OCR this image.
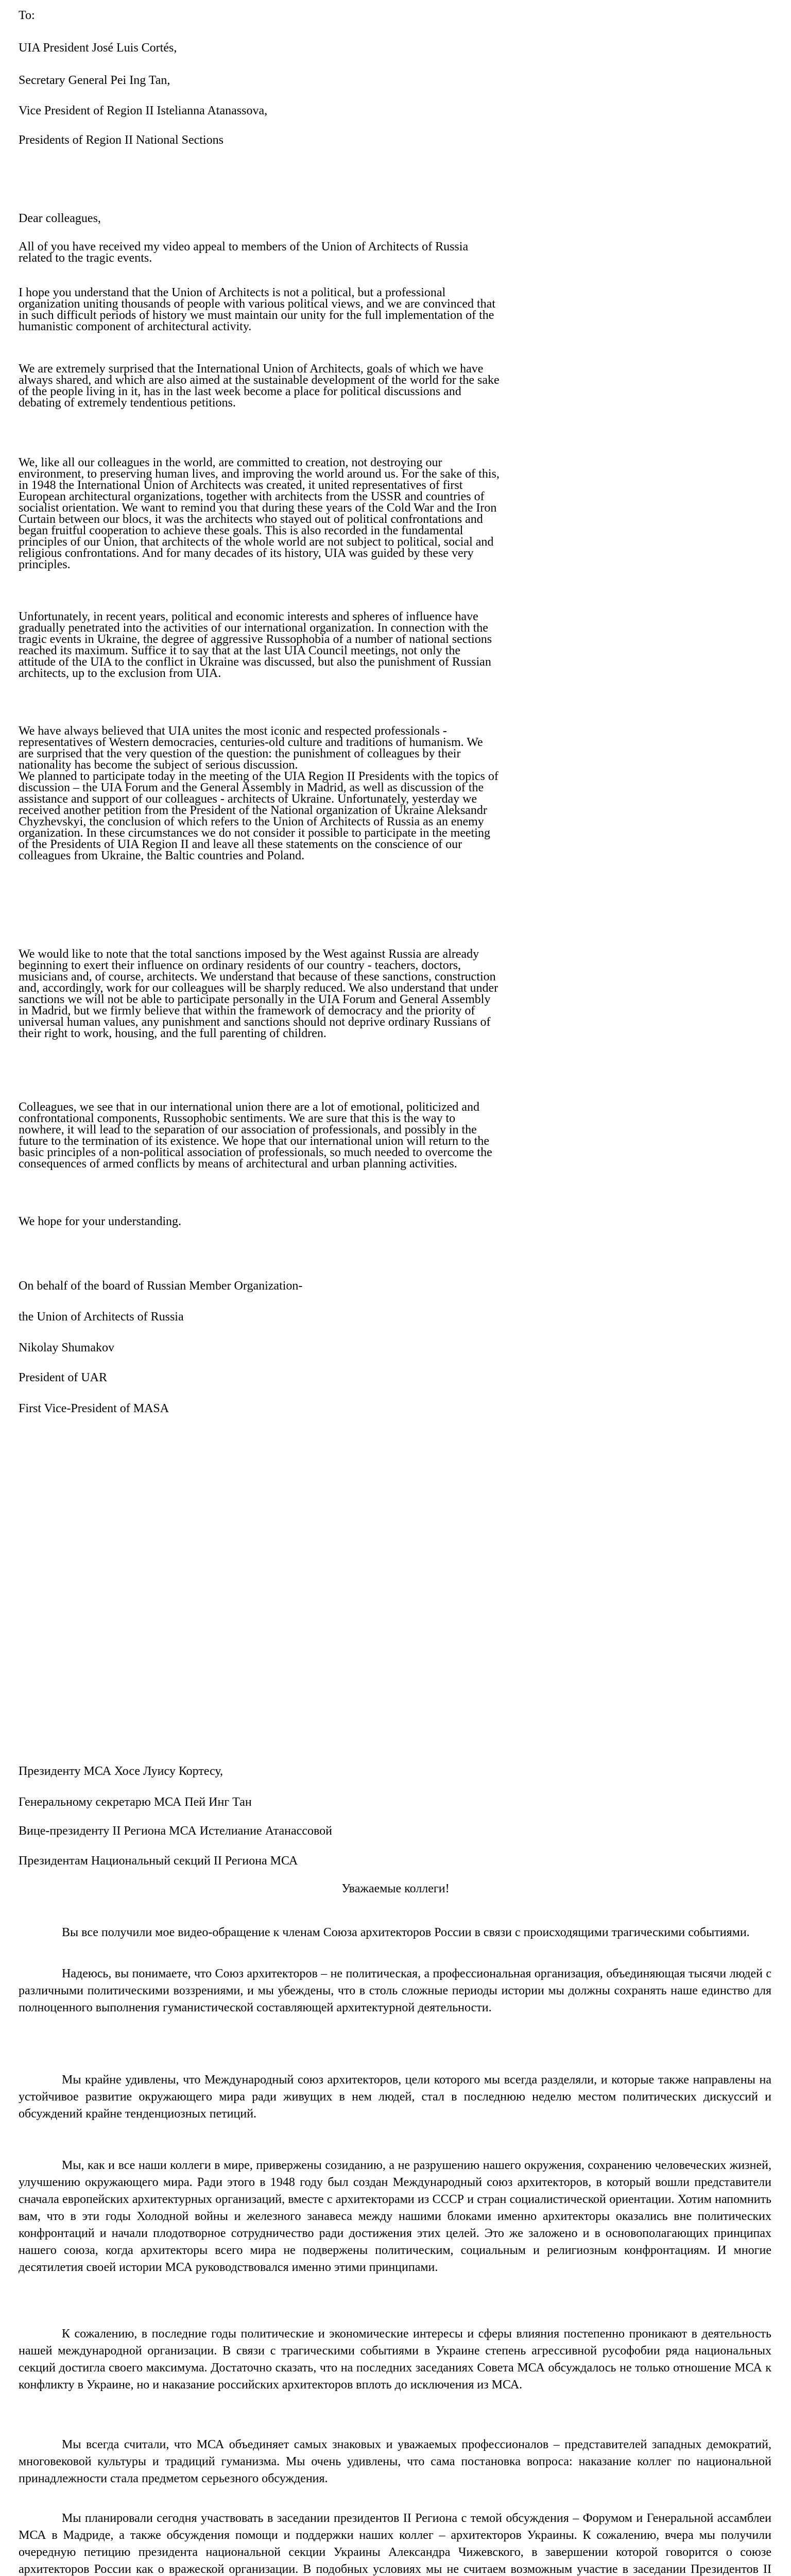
To:

UIA President José Luis Cortés,

Secretary General Pei Ing Tan,

Vice President of Region II Istelianna Atanassova,

Presidents of Region II National Sections

Dear colleagues,

All of you have received my video appeal to members of the Union of Architects of Russia

related to the tragic events.

I hope you understand that the Union of Architects is not a political, but a professional

organization uniting thousands of people with various political views, and we are convinced that

in such difficult periods of history we must maintain our unity for the full implementation of the

humanistic component of architectural activity.

We are extremely surprised that the International Union of Architects, goals of which we have

always shared, and which are also aimed at the sustainable development of the world for the sake

of the people living in it, has in the last week become a place for political discussions and

debating of extremely tendentious petitions.

We, like all our colleagues in the world, are committed to creation, not destroying our

environment, to preserving human lives, and improving the world around us. For the sake of this,

in 1948 the International Union of Architects was created, it united representatives of first

European architectural organizations, together with architects from the USSR and countries of

socialist orientation. We want to remind you that during these years of the Cold War and the Iron

Curtain between our blocs, it was the architects who stayed out of political confrontations and

began fruitful cooperation to achieve these goals. This is also recorded in the fundamental

principles of our Union, that architects of the whole world are not subject to political, social and

religious confrontations. And for many decades of its history, UIA was guided by these very

principles.

Unfortunately, in recent years, political and economic interests and spheres of influence have

gradually penetrated into the activities of our international organization. In connection with the

tragic events in Ukraine, the degree of aggressive Russophobia of a number of national sections

reached its maximum. Suffice it to say that at the last UIA Council meetings, not only the

attitude of the UIA to the conflict in Ukraine was discussed, but also the punishment of Russian

architects, up to the exclusion from UIA.

We have always believed that UIA unites the most iconic and respected professionals -

representatives of Western democracies, centuries-old culture and traditions of humanism. We

are surprised that the very question of the question: the punishment of colleagues by their

nationality has become the subject of serious discussion.

We planned to participate today in the meeting of the UIA Region II Presidents with the topics of

discussion – the UIA Forum and the General Assembly in Madrid, as well as discussion of the

assistance and support of our colleagues - architects of Ukraine. Unfortunately, yesterday we

received another petition from the President of the National organization of Ukraine Aleksandr

Chyzhevskyi, the conclusion of which refers to the Union of Architects of Russia as an enemy

organization. In these circumstances we do not consider it possible to participate in the meeting

of the Presidents of UIA Region II and leave all these statements on the conscience of our

colleagues from Ukraine, the Baltic countries and Poland.

We would like to note that the total sanctions imposed by the West against Russia are already

beginning to exert their influence on ordinary residents of our country - teachers, doctors,

musicians and, of course, architects. We understand that because of these sanctions, construction

and, accordingly, work for our colleagues will be sharply reduced. We also understand that under

sanctions we will not be able to participate personally in the UIA Forum and General Assembly

in Madrid, but we firmly believe that within the framework of democracy and the priority of

universal human values, any punishment and sanctions should not deprive ordinary Russians of

their right to work, housing, and the full parenting of children.

Colleagues, we see that in our international union there are a lot of emotional, politicized and

confrontational components, Russophobic sentiments. We are sure that this is the way to

nowhere, it will lead to the separation of our association of professionals, and possibly in the

future to the termination of its existence. We hope that our international union will return to the

basic principles of a non-political association of professionals, so much needed to overcome the

consequences of armed conflicts by means of architectural and urban planning activities.

We hope for your understanding.

On behalf of the board of Russian Member Organization-

the Union of Architects of Russia

Nikolay Shumakov

President of UAR

First Vice-President of MASA

Президенту МСА Хосе Луису Кортесу,

Генеральному секретарю МСА Пей Инг Тан

Вице-президенту II Региона МСА Истелиание Атанассовой

Президентам Национальный секций II Региона МСА

Уважаемые коллеги!

Вы все получили мое видео-обращение к членам Союза архитекторов России в связи с происходящими трагическими событиями.

Надеюсь, вы понимаете, что Союз архитекторов – не политическая, а профессиональная организация, объединяющая тысячи людей с различными политическими воззрениями, и мы убеждены, что в столь сложные периоды истории мы должны сохранять наше единство для полноценного выполнения гуманистической составляющей архитектурной деятельности.

Мы крайне удивлены, что Международный союз архитекторов, цели которого мы всегда разделяли, и которые также направлены на устойчивое развитие окружающего мира ради живущих в нем людей, стал в последнюю неделю местом политических дискуссий и обсуждений крайне тенденциозных петиций.

Мы, как и все наши коллеги в мире, привержены созиданию, а не разрушению нашего окружения, сохранению человеческих жизней, улучшению окружающего мира. Ради этого в 1948 году был создан Международный союз архитекторов, в который вошли представители сначала европейских архитектурных организаций, вместе с архитекторами из СССР и стран социалистической ориентации. Хотим напомнить вам, что в эти годы Холодной войны и железного занавеса между нашими блоками именно архитекторы оказались вне политических конфронтаций и начали плодотворное сотрудничество ради достижения этих целей. Это же заложено и в основополагающих принципах нашего союза, когда архитекторы всего мира не подвержены политическим, социальным и религиозным конфронтациям. И многие десятилетия своей истории МСА руководствовался именно этими принципами.

К сожалению, в последние годы политические и экономические интересы и сферы влияния постепенно проникают в деятельность нашей международной организации. В связи с трагическими событиями в Украине степень агрессивной русофобии ряда национальных секций достигла своего максимума. Достаточно сказать, что на последних заседаниях Совета МСА обсуждалось не только отношение МСА к конфликту в Украине, но и наказание российских архитекторов вплоть до исключения из МСА.

Мы всегда считали, что МСА объединяет самых знаковых и уважаемых профессионалов – представителей западных демократий, многовековой культуры и традиций гуманизма. Мы очень удивлены, что сама постановка вопроса: наказание коллег по национальной принадлежности стала предметом серьезного обсуждения.

Мы планировали сегодня участвовать в заседании президентов II Региона с темой обсуждения – Форумом и Генеральной ассамблеи МСА в Мадриде, а также обсуждения помощи и поддержки наших коллег – архитекторов Украины. К сожалению, вчера мы получили очередную петицию президента национальной секции Украины Александра Чижевского, в завершении которой говорится о союзе архитекторов России как о вражеской организации. В подобных условиях мы не считаем возможным участие в заседании Президентов II
